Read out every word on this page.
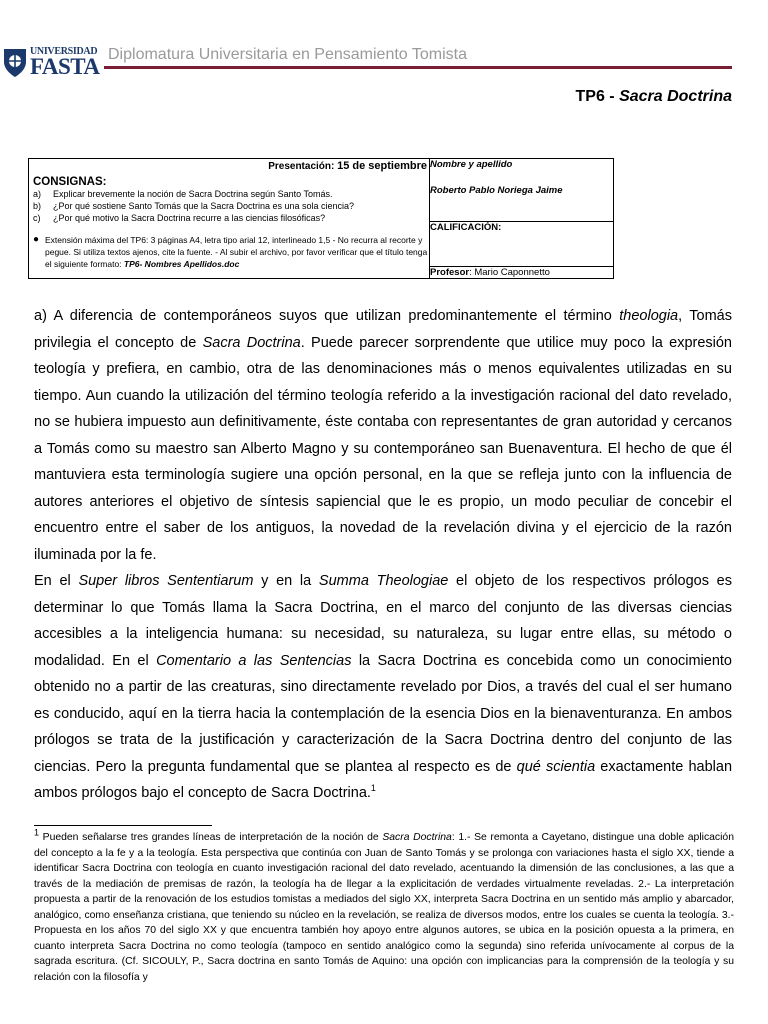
UNIVERSIDAD
FASTA Diplomatura Universitaria en Pensamiento Tomista
TP6 - Sacra Doctrina
Presentación: 15 de septiembre
CONSIGNAS:
a)	Explicar brevemente la noción de Sacra Doctrina según Santo Tomás.
b)	¿Por qué sostiene Santo Tomás que la Sacra Doctrina es una sola ciencia?
c)	¿Por qué motivo la Sacra Doctrina recurre a las ciencias filosóficas?
● Extensión máxima del TP6: 3 páginas A4, letra tipo arial 12, interlineado 1,5 - No recurra al recorte y pegue. Si utiliza textos ajenos, cite la fuente. - Al subir el archivo, por favor verificar que el título tenga el siguiente formato: TP6- Nombres Apellidos.doc
	Nombre y apellido
Roberto Pablo Noriega Jaime

CALIFICACIÓN:
Profesor: Mario Caponnetto

a) A diferencia de contemporáneos suyos que utilizan predominantemente el término theologia, Tomás privilegia el concepto de Sacra Doctrina. Puede parecer sorprendente que utilice muy poco la expresión teología y prefiera, en cambio, otra de las denominaciones más o menos equivalentes utilizadas en su tiempo. Aun cuando la utilización del término teología referido a la investigación racional del dato revelado, no se hubiera impuesto aun definitivamente, éste contaba con representantes de gran autoridad y cercanos a Tomás como su maestro san Alberto Magno y su contemporáneo san Buenaventura. El hecho de que él mantuviera esta terminología sugiere una opción personal, en la que se refleja junto con la influencia de autores anteriores el objetivo de síntesis sapiencial que le es propio, un modo peculiar de concebir el encuentro entre el saber de los antiguos, la novedad de la revelación divina y el ejercicio de la razón iluminada por la fe.

En el Super libros Sententiarum y en la Summa Theologiae el objeto de los respectivos prólogos es determinar lo que Tomás llama la Sacra Doctrina, en el marco del conjunto de las diversas ciencias accesibles a la inteligencia humana: su necesidad, su naturaleza, su lugar entre ellas, su método o modalidad. En el Comentario a las Sentencias la Sacra Doctrina es concebida como un conocimiento obtenido no a partir de las creaturas, sino directamente revelado por Dios, a través del cual el ser humano es conducido, aquí en la tierra hacia la contemplación de la esencia Dios en la bienaventuranza. En ambos prólogos se trata de la justificación y caracterización de la Sacra Doctrina dentro del conjunto de las ciencias. Pero la pregunta fundamental que se plantea al respecto es de qué scientia exactamente hablan ambos prólogos bajo el concepto de Sacra Doctrina.$^1$

$^1$ Pueden señalarse tres grandes líneas de interpretación de la noción de Sacra Doctrina: 1.- Se remonta a Cayetano, distingue una doble aplicación del concepto a la fe y a la teología. Esta perspectiva que continúa con Juan de Santo Tomás y se prolonga con variaciones hasta el siglo XX, tiende a identificar Sacra Doctrina con teología en cuanto investigación racional del dato revelado, acentuando la dimensión de las conclusiones, a las que a través de la mediación de premisas de razón, la teología ha de llegar a la explicitación de verdades virtualmente reveladas. 2.- La interpretación propuesta a partir de la renovación de los estudios tomistas a mediados del siglo XX, interpreta Sacra Doctrina en un sentido más amplio y abarcador, analógico, como enseñanza cristiana, que teniendo su núcleo en la revelación, se realiza de diversos modos, entre los cuales se cuenta la teología. 3.- Propuesta en los años 70 del siglo XX y que encuentra también hoy apoyo entre algunos autores, se ubica en la posición opuesta a la primera, en cuanto interpreta Sacra Doctrina no como teología (tampoco en sentido analógico como la segunda) sino referida unívocamente al corpus de la sagrada escritura. (Cf. SICOULY, P., Sacra doctrina en santo Tomás de Aquino: una opción con implicancias para la comprensión de la teología y su relación con la filosofía y
